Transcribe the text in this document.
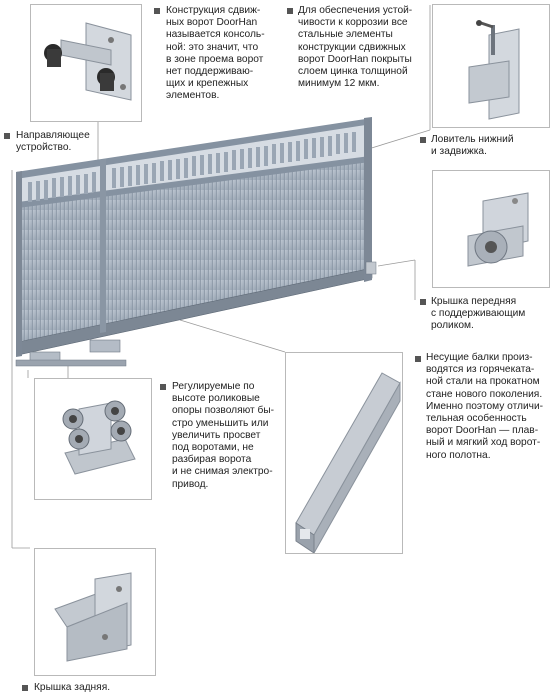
Конструкция сдвиж-
ных ворот DoorHan
называется консоль-
ной: это значит, что
в зоне проема ворот
нет поддерживаю-
щих и крепежных
элементов.
Для обеспечения устой-
чивости к коррозии все
стальные элементы
конструкции сдвижных
ворот DoorHan покрыты
слоем цинка толщиной
минимум 12 мкм.
Направляющее
устройство.
Ловитель нижний
и задвижка.
Крышка передняя
с поддерживающим
роликом.
Несущие балки произ-
водятся из горячеката-
ной стали на прокатном
стане нового поколения.
Именно поэтому отличи-
тельная особенность
ворот DoorHan — плав-
ный и мягкий ход ворот-
ного полотна.
Регулируемые по
высоте роликовые
опоры позволяют бы-
стро уменьшить или
увеличить просвет
под воротами, не
разбирая ворота
и не снимая электро-
привод.
Крышка задняя.
